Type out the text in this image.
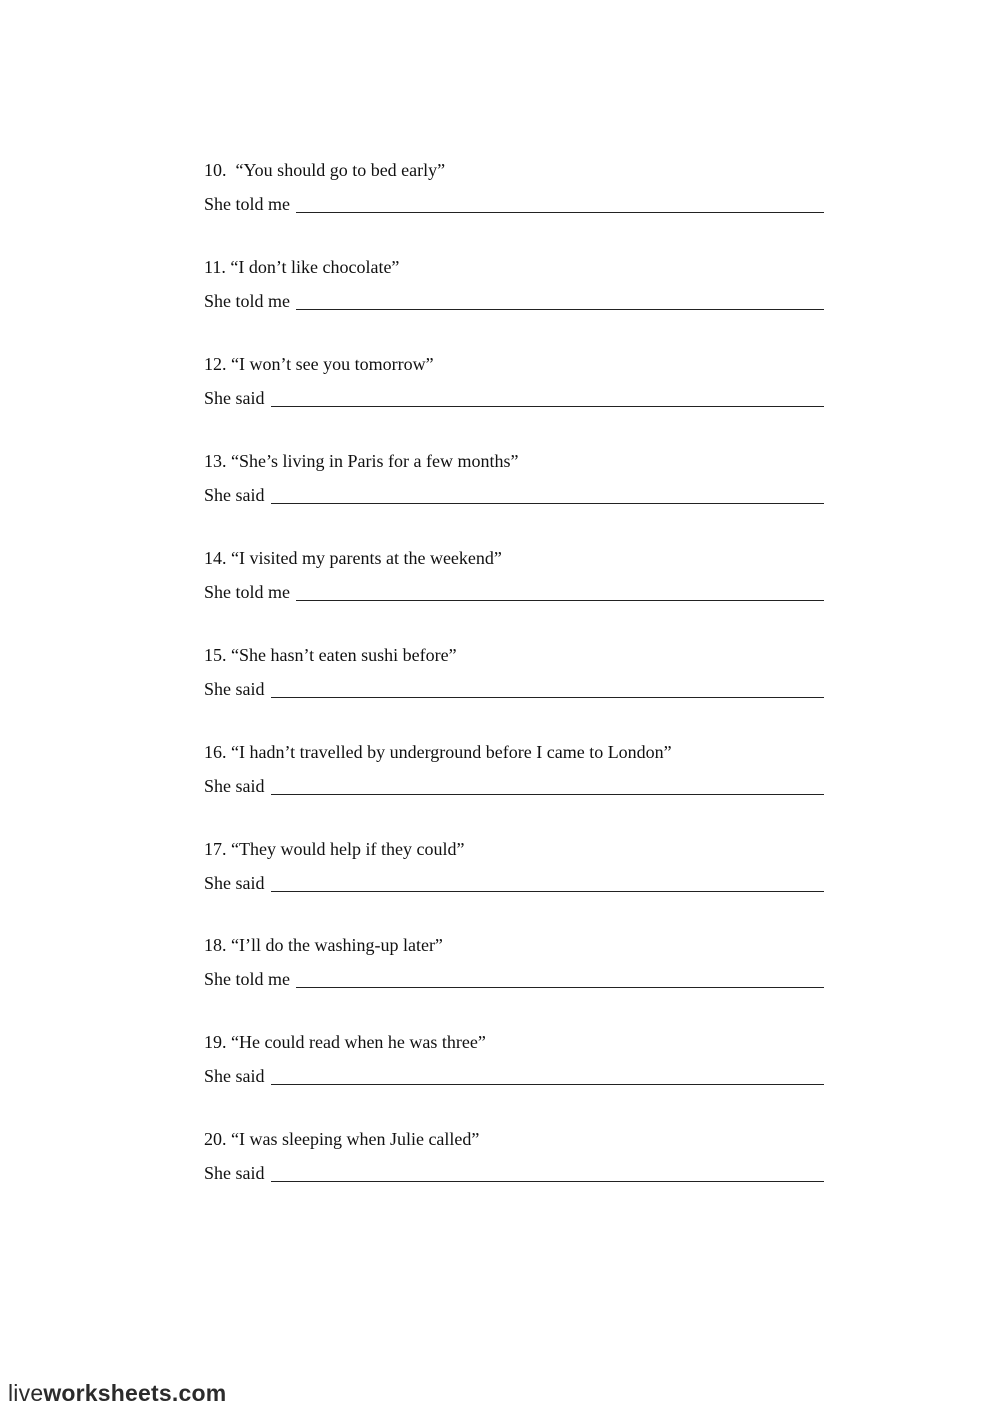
10.  “You should go to bed early”
She told me
11. “I don’t like chocolate”
She told me
12. “I won’t see you tomorrow”
She said
13. “She’s living in Paris for a few months”
She said
14. “I visited my parents at the weekend”
She told me
15. “She hasn’t eaten sushi before”
She said
16. “I hadn’t travelled by underground before I came to London”
She said
17. “They would help if they could”
She said
18. “I’ll do the washing-up later”
She told me
19. “He could read when he was three”
She said
20. “I was sleeping when Julie called”
She said
liveworksheets.com
